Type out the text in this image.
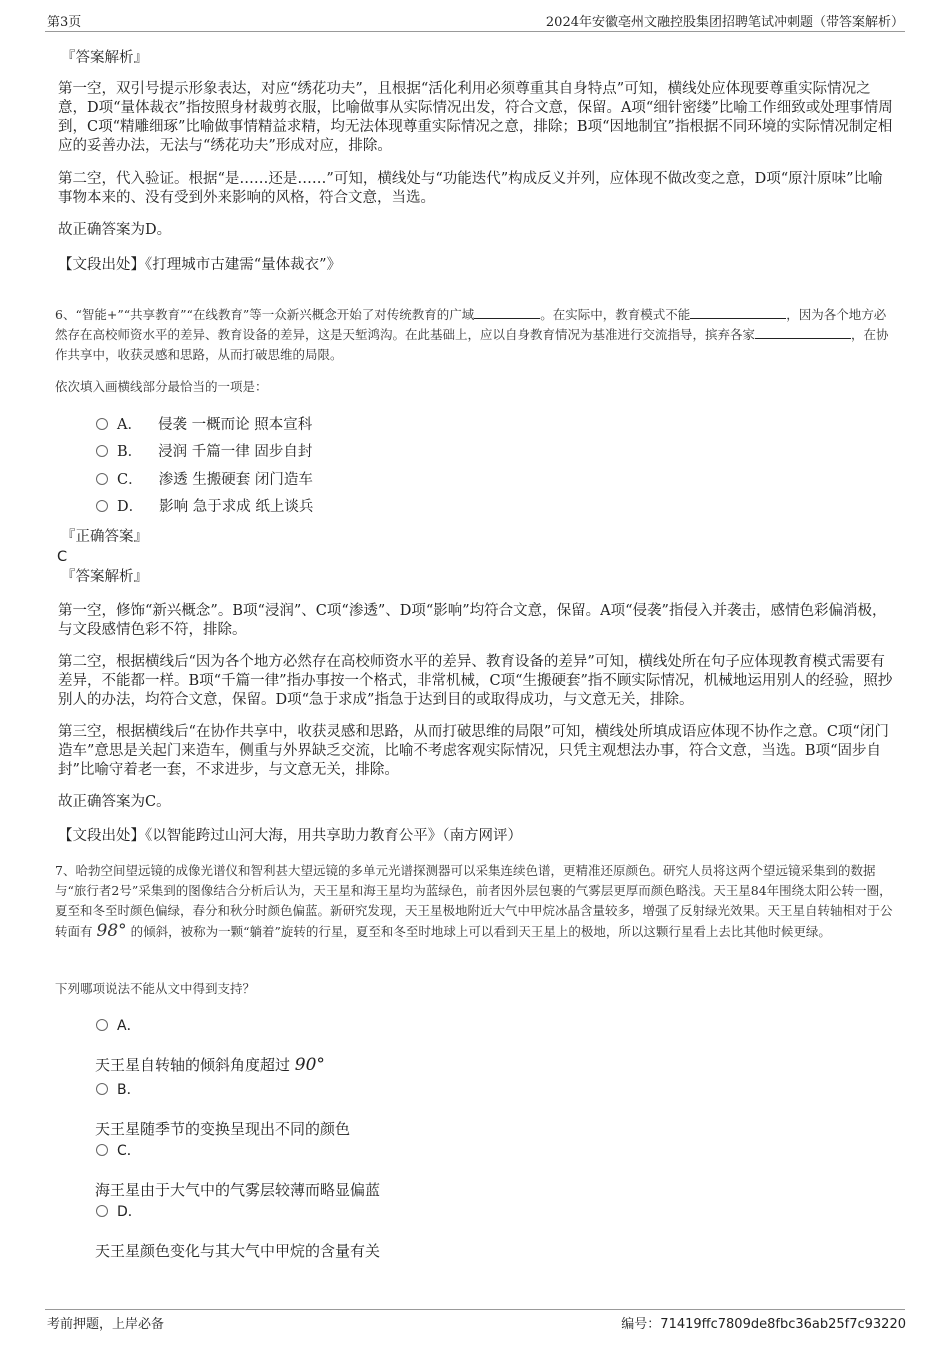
第3页	2024年安徽亳州文融控股集团招聘笔试冲刺题（带答案解析）
『答案解析』
第一空，双引号提示形象表达，对应“绣花功夫”，且根据“活化利用必须尊重其自身特点”可知，横线处应体现要尊重实际情况之意，D项“量体裁衣”指按照身材裁剪衣服，比喻做事从实际情况出发，符合文意，保留。A项“细针密缕”比喻工作细致或处理事情周到，C项“精雕细琢”比喻做事情精益求精，均无法体现尊重实际情况之意，排除；B项“因地制宜”指根据不同环境的实际情况制定相应的妥善办法，无法与“绣花功夫”形成对应，排除。
第二空，代入验证。根据“是……还是……”可知，横线处与“功能迭代”构成反义并列，应体现不做改变之意，D项“原汁原味”比喻事物本来的、没有受到外来影响的风格，符合文意，当选。
故正确答案为D。
【文段出处】《打理城市古建需“量体裁衣”》
6、“智能+”“共享教育”“在线教育”等一众新兴概念开始了对传统教育的广域	。在实际中，教育模式不能	，因为各个地方必然存在高校师资水平的差异、教育设备的差异，这是天堑鸿沟。在此基础上，应以自身教育情况为基准进行交流指导，摈弃各家	，在协作共享中，收获灵感和思路，从而打破思维的局限。
依次填入画横线部分最恰当的一项是：
A． 侵袭 一概而论 照本宣科
B． 浸润 千篇一律 固步自封
C． 渗透 生搬硬套 闭门造车
D． 影响 急于求成 纸上谈兵
『正确答案』
C
『答案解析』
第一空，修饰“新兴概念”。B项“浸润”、C项“渗透”、D项“影响”均符合文意，保留。A项“侵袭”指侵入并袭击，感情色彩偏消极，与文段感情色彩不符，排除。
第二空，根据横线后“因为各个地方必然存在高校师资水平的差异、教育设备的差异”可知，横线处所在句子应体现教育模式需要有差异，不能都一样。B项“千篇一律”指办事按一个格式，非常机械，C项“生搬硬套”指不顾实际情况，机械地运用别人的经验，照抄别人的办法，均符合文意，保留。D项“急于求成”指急于达到目的或取得成功，与文意无关，排除。
第三空，根据横线后“在协作共享中，收获灵感和思路，从而打破思维的局限”可知，横线处所填成语应体现不协作之意。C项“闭门造车”意思是关起门来造车，侧重与外界缺乏交流，比喻不考虑客观实际情况，只凭主观想法办事，符合文意，当选。B项“固步自封”比喻守着老一套，不求进步，与文意无关，排除。
故正确答案为C。
【文段出处】《以智能跨过山河大海，用共享助力教育公平》（南方网评）
7、哈勃空间望远镜的成像光谱仪和智利甚大望远镜的多单元光谱探测器可以采集连续色谱，更精准还原颜色。研究人员将这两个望远镜采集到的数据与“旅行者2号”采集到的图像结合分析后认为，天王星和海王星均为蓝绿色，前者因外层包裹的气雾层更厚而颜色略浅。天王星84年围绕太阳公转一圈，夏至和冬至时颜色偏绿，春分和秋分时颜色偏蓝。新研究发现，天王星极地附近大气中甲烷冰晶含量较多，增强了反射绿光效果。天王星自转轴相对于公转面有 98° 的倾斜，被称为一颗“躺着”旋转的行星，夏至和冬至时地球上可以看到天王星上的极地，所以这颗行星看上去比其他时候更绿。
下列哪项说法不能从文中得到支持？
A．
天王星自转轴的倾斜角度超过 90°
B．
天王星随季节的变换呈现出不同的颜色
C．
海王星由于大气中的气雾层较薄而略显偏蓝
D．
天王星颜色变化与其大气中甲烷的含量有关
考前押题，上岸必备	编号：71419ffc7809de8fbc36ab25f7c93220
